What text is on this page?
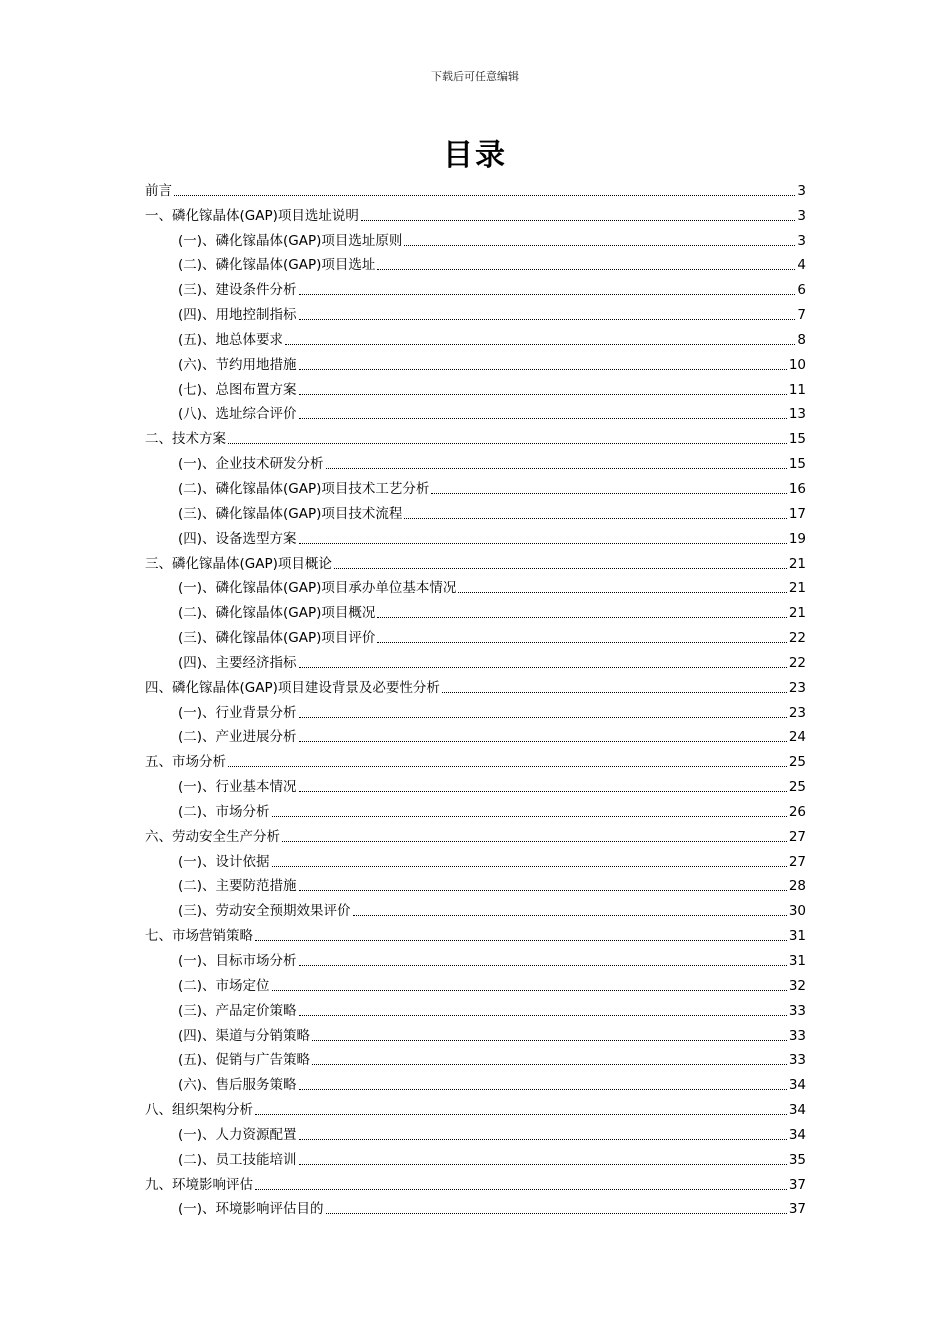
下载后可任意编辑
目录
前言	3
一、磷化镓晶体(GAP)项目选址说明	3
(一)、磷化镓晶体(GAP)项目选址原则	3
(二)、磷化镓晶体(GAP)项目选址	4
(三)、建设条件分析	6
(四)、用地控制指标	7
(五)、地总体要求	8
(六)、节约用地措施	10
(七)、总图布置方案	11
(八)、选址综合评价	13
二、技术方案	15
(一)、企业技术研发分析	15
(二)、磷化镓晶体(GAP)项目技术工艺分析	16
(三)、磷化镓晶体(GAP)项目技术流程	17
(四)、设备选型方案	19
三、磷化镓晶体(GAP)项目概论	21
(一)、磷化镓晶体(GAP)项目承办单位基本情况	21
(二)、磷化镓晶体(GAP)项目概况	21
(三)、磷化镓晶体(GAP)项目评价	22
(四)、主要经济指标	22
四、磷化镓晶体(GAP)项目建设背景及必要性分析	23
(一)、行业背景分析	23
(二)、产业进展分析	24
五、市场分析	25
(一)、行业基本情况	25
(二)、市场分析	26
六、劳动安全生产分析	27
(一)、设计依据	27
(二)、主要防范措施	28
(三)、劳动安全预期效果评价	30
七、市场营销策略	31
(一)、目标市场分析	31
(二)、市场定位	32
(三)、产品定价策略	33
(四)、渠道与分销策略	33
(五)、促销与广告策略	33
(六)、售后服务策略	34
八、组织架构分析	34
(一)、人力资源配置	34
(二)、员工技能培训	35
九、环境影响评估	37
(一)、环境影响评估目的	37
